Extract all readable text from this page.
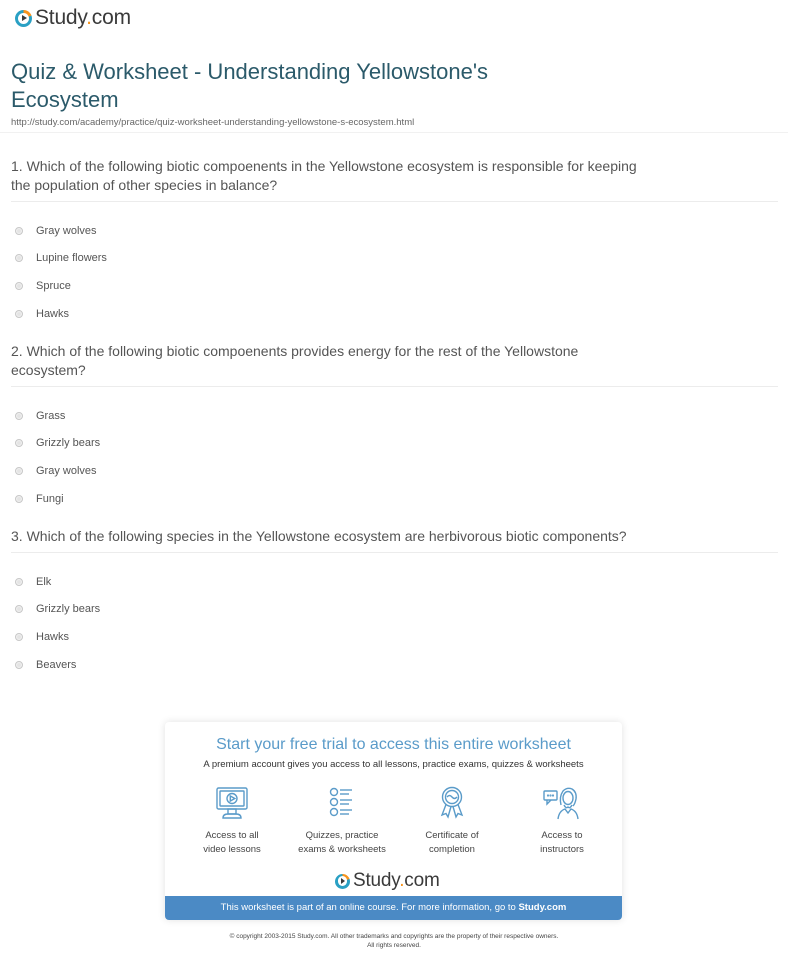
Study.com
Quiz & Worksheet - Understanding Yellowstone's Ecosystem
http://study.com/academy/practice/quiz-worksheet-understanding-yellowstone-s-ecosystem.html
1. Which of the following biotic compoenents in the Yellowstone ecosystem is responsible for keeping the population of other species in balance?
Gray wolves
Lupine flowers
Spruce
Hawks
2. Which of the following biotic compoenents provides energy for the rest of the Yellowstone ecosystem?
Grass
Grizzly bears
Gray wolves
Fungi
3. Which of the following species in the Yellowstone ecosystem are herbivorous biotic components?
Elk
Grizzly bears
Hawks
Beavers
Start your free trial to access this entire worksheet
A premium account gives you access to all lessons, practice exams, quizzes & worksheets
Access to all
video lessons
Quizzes, practice
exams & worksheets
Certificate of
completion
Access to
instructors
Study.com
This worksheet is part of an online course. For more information, go to Study.com
© copyright 2003-2015 Study.com. All other trademarks and copyrights are the property of their respective owners.
All rights reserved.
